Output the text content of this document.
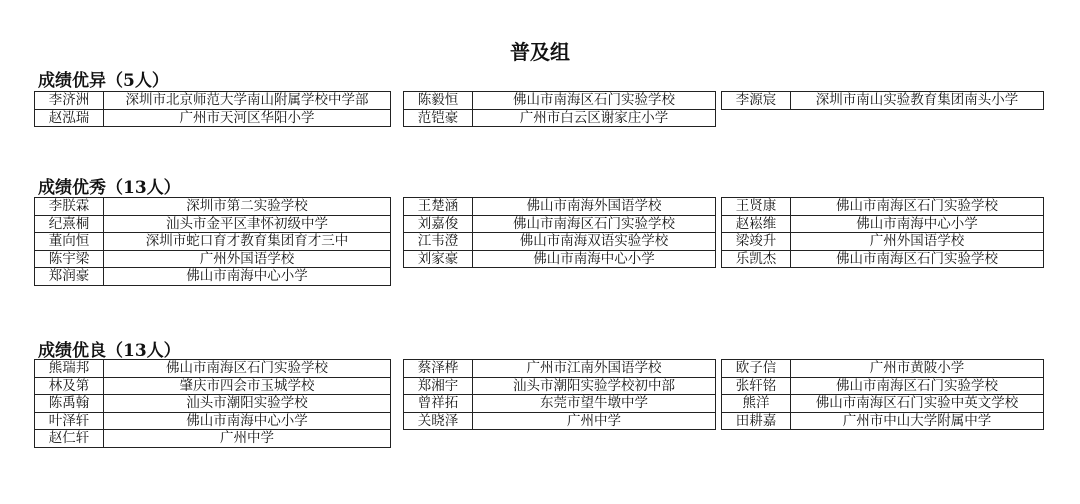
普及组
成绩优异（5人）
成绩优秀（13人）
成绩优良（13人）
李济洲	深圳市北京师范大学南山附属学校中学部
赵泓瑞	广州市天河区华阳小学
陈毅恒	佛山市南海区石门实验学校
范铠豪	广州市白云区谢家庄小学
李源宸	深圳市南山实验教育集团南头小学
李朕霖	深圳市第二实验学校
纪熹桐	汕头市金平区聿怀初级中学
董向恒	深圳市蛇口育才教育集团育才三中
陈宇梁	广州外国语学校
郑润豪	佛山市南海中心小学
王楚涵	佛山市南海外国语学校
刘嘉俊	佛山市南海区石门实验学校
江韦澄	佛山市南海双语实验学校
刘家豪	佛山市南海中心小学
王贤康	佛山市南海区石门实验学校
赵崧维	佛山市南海中心小学
梁竣升	广州外国语学校
乐凯杰	佛山市南海区石门实验学校
熊瑞邦	佛山市南海区石门实验学校
林及第	肇庆市四会市玉城学校
陈禹翰	汕头市潮阳实验学校
叶泽轩	佛山市南海中心小学
赵仁轩	广州中学
蔡泽桦	广州市江南外国语学校
郑湘宇	汕头市潮阳实验学校初中部
曾祥拓	东莞市望牛墩中学
关晓泽	广州中学
欧子信	广州市黄陂小学
张轩铭	佛山市南海区石门实验学校
熊洋	佛山市南海区石门实验中英文学校
田耕嘉	广州市中山大学附属中学
